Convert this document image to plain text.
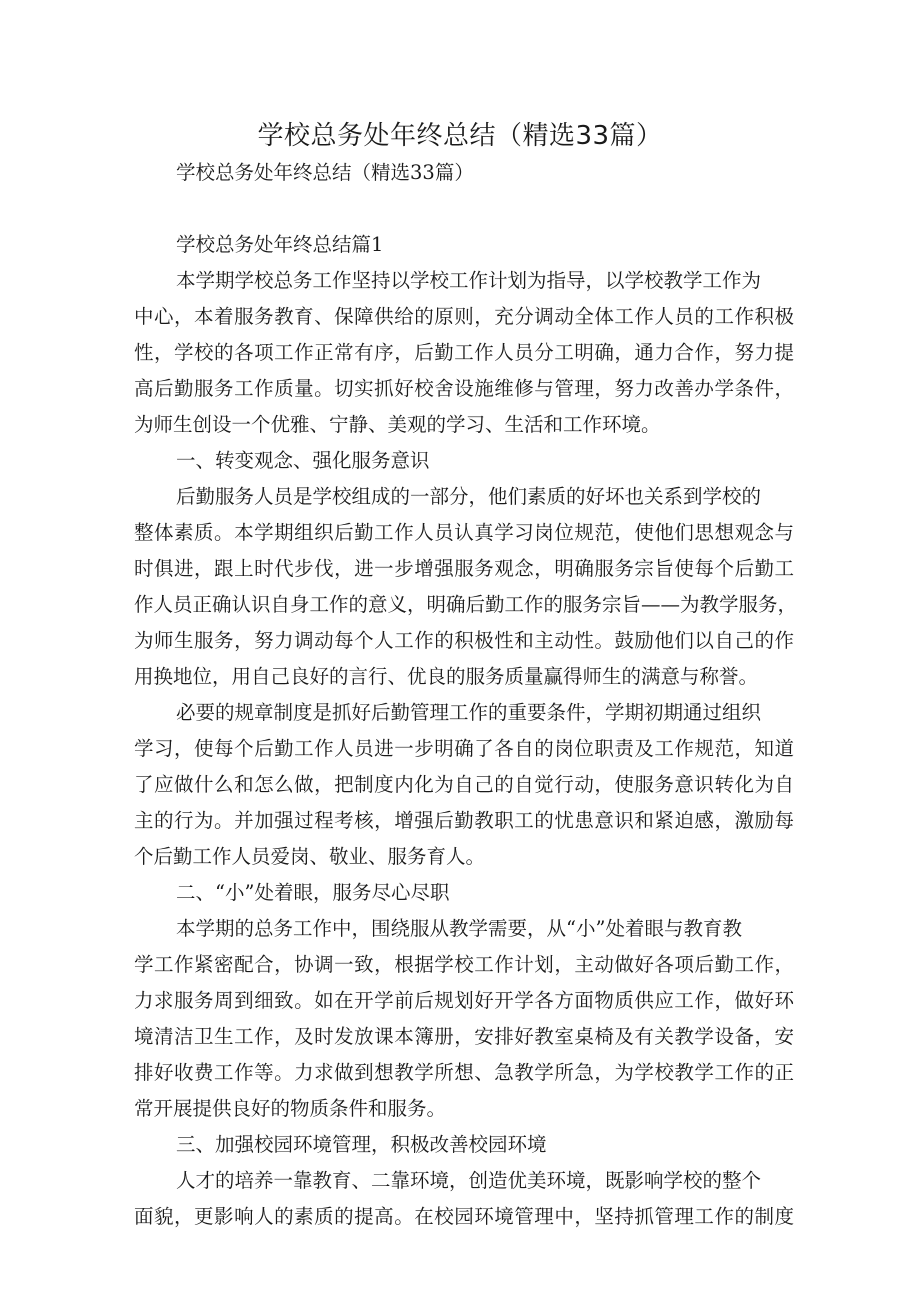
学校总务处年终总结（精选33篇）
学校总务处年终总结（精选33篇）
学校总务处年终总结篇1
本学期学校总务工作坚持以学校工作计划为指导，以学校教学工作为
中心，本着服务教育、保障供给的原则，充分调动全体工作人员的工作积极
性，学校的各项工作正常有序，后勤工作人员分工明确，通力合作，努力提
高后勤服务工作质量。切实抓好校舍设施维修与管理，努力改善办学条件，
为师生创设一个优雅、宁静、美观的学习、生活和工作环境。
一、转变观念、强化服务意识
后勤服务人员是学校组成的一部分，他们素质的好坏也关系到学校的
整体素质。本学期组织后勤工作人员认真学习岗位规范，使他们思想观念与
时俱进，跟上时代步伐，进一步增强服务观念，明确服务宗旨使每个后勤工
作人员正确认识自身工作的意义，明确后勤工作的服务宗旨——为教学服务，
为师生服务，努力调动每个人工作的积极性和主动性。鼓励他们以自己的作
用换地位，用自己良好的言行、优良的服务质量赢得师生的满意与称誉。
必要的规章制度是抓好后勤管理工作的重要条件，学期初期通过组织
学习，使每个后勤工作人员进一步明确了各自的岗位职责及工作规范，知道
了应做什么和怎么做，把制度内化为自己的自觉行动，使服务意识转化为自
主的行为。并加强过程考核，增强后勤教职工的忧患意识和紧迫感，激励每
个后勤工作人员爱岗、敬业、服务育人。
二、“小”处着眼，服务尽心尽职
本学期的总务工作中，围绕服从教学需要，从“小”处着眼与教育教
学工作紧密配合，协调一致，根据学校工作计划，主动做好各项后勤工作，
力求服务周到细致。如在开学前后规划好开学各方面物质供应工作，做好环
境清洁卫生工作，及时发放课本簿册，安排好教室桌椅及有关教学设备，安
排好收费工作等。力求做到想教学所想、急教学所急，为学校教学工作的正
常开展提供良好的物质条件和服务。
三、加强校园环境管理，积极改善校园环境
人才的培养一靠教育、二靠环境，创造优美环境，既影响学校的整个
面貌，更影响人的素质的提高。在校园环境管理中，坚持抓管理工作的制度
